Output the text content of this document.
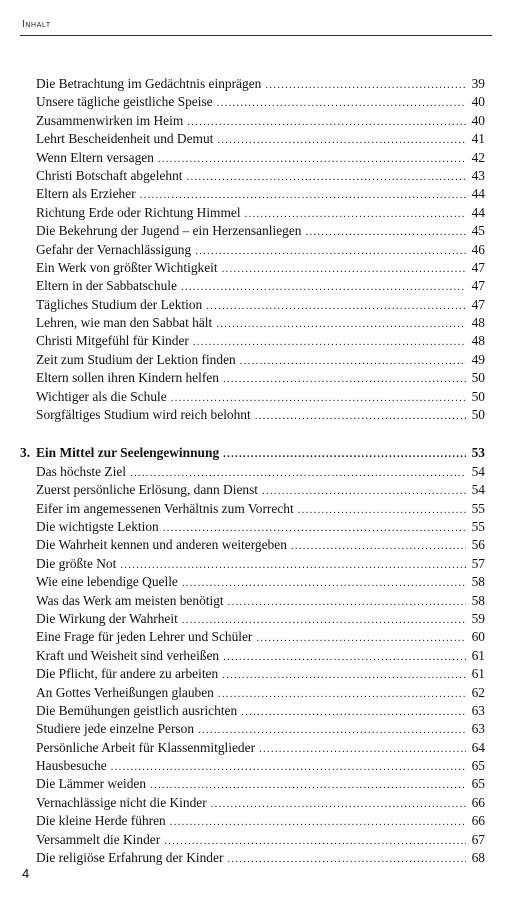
Inhalt
Die Betrachtung im Gedächtnis einprägen .....	39
Unsere tägliche geistliche Speise .....	40
Zusammenwirken im Heim .....	40
Lehrt Bescheidenheit und Demut .....	41
Wenn Eltern versagen .....	42
Christi Botschaft abgelehnt .....	43
Eltern als Erzieher .....	44
Richtung Erde oder Richtung Himmel .....	44
Die Bekehrung der Jugend – ein Herzensanliegen .....	45
Gefahr der Vernachlässigung .....	46
Ein Werk von größter Wichtigkeit .....	47
Eltern in der Sabbatschule .....	47
Tägliches Studium der Lektion .....	47
Lehren, wie man den Sabbat hält .....	48
Christi Mitgefühl für Kinder .....	48
Zeit zum Studium der Lektion finden .....	49
Eltern sollen ihren Kindern helfen .....	50
Wichtiger als die Schule .....	50
Sorgfältiges Studium wird reich belohnt .....	50
3. Ein Mittel zur Seelengewinnung .....	53
Das höchste Ziel .....	54
Zuerst persönliche Erlösung, dann Dienst .....	54
Eifer im angemessenen Verhältnis zum Vorrecht .....	55
Die wichtigste Lektion .....	55
Die Wahrheit kennen und anderen weitergeben .....	56
Die größte Not .....	57
Wie eine lebendige Quelle .....	58
Was das Werk am meisten benötigt .....	58
Die Wirkung der Wahrheit .....	59
Eine Frage für jeden Lehrer und Schüler .....	60
Kraft und Weisheit sind verheißen .....	61
Die Pflicht, für andere zu arbeiten .....	61
An Gottes Verheißungen glauben .....	62
Die Bemühungen geistlich ausrichten .....	63
Studiere jede einzelne Person .....	63
Persönliche Arbeit für Klassenmitglieder .....	64
Hausbesuche .....	65
Die Lämmer weiden .....	65
Vernachlässige nicht die Kinder .....	66
Die kleine Herde führen .....	66
Versammelt die Kinder .....	67
Die religiöse Erfahrung der Kinder .....	68
4
